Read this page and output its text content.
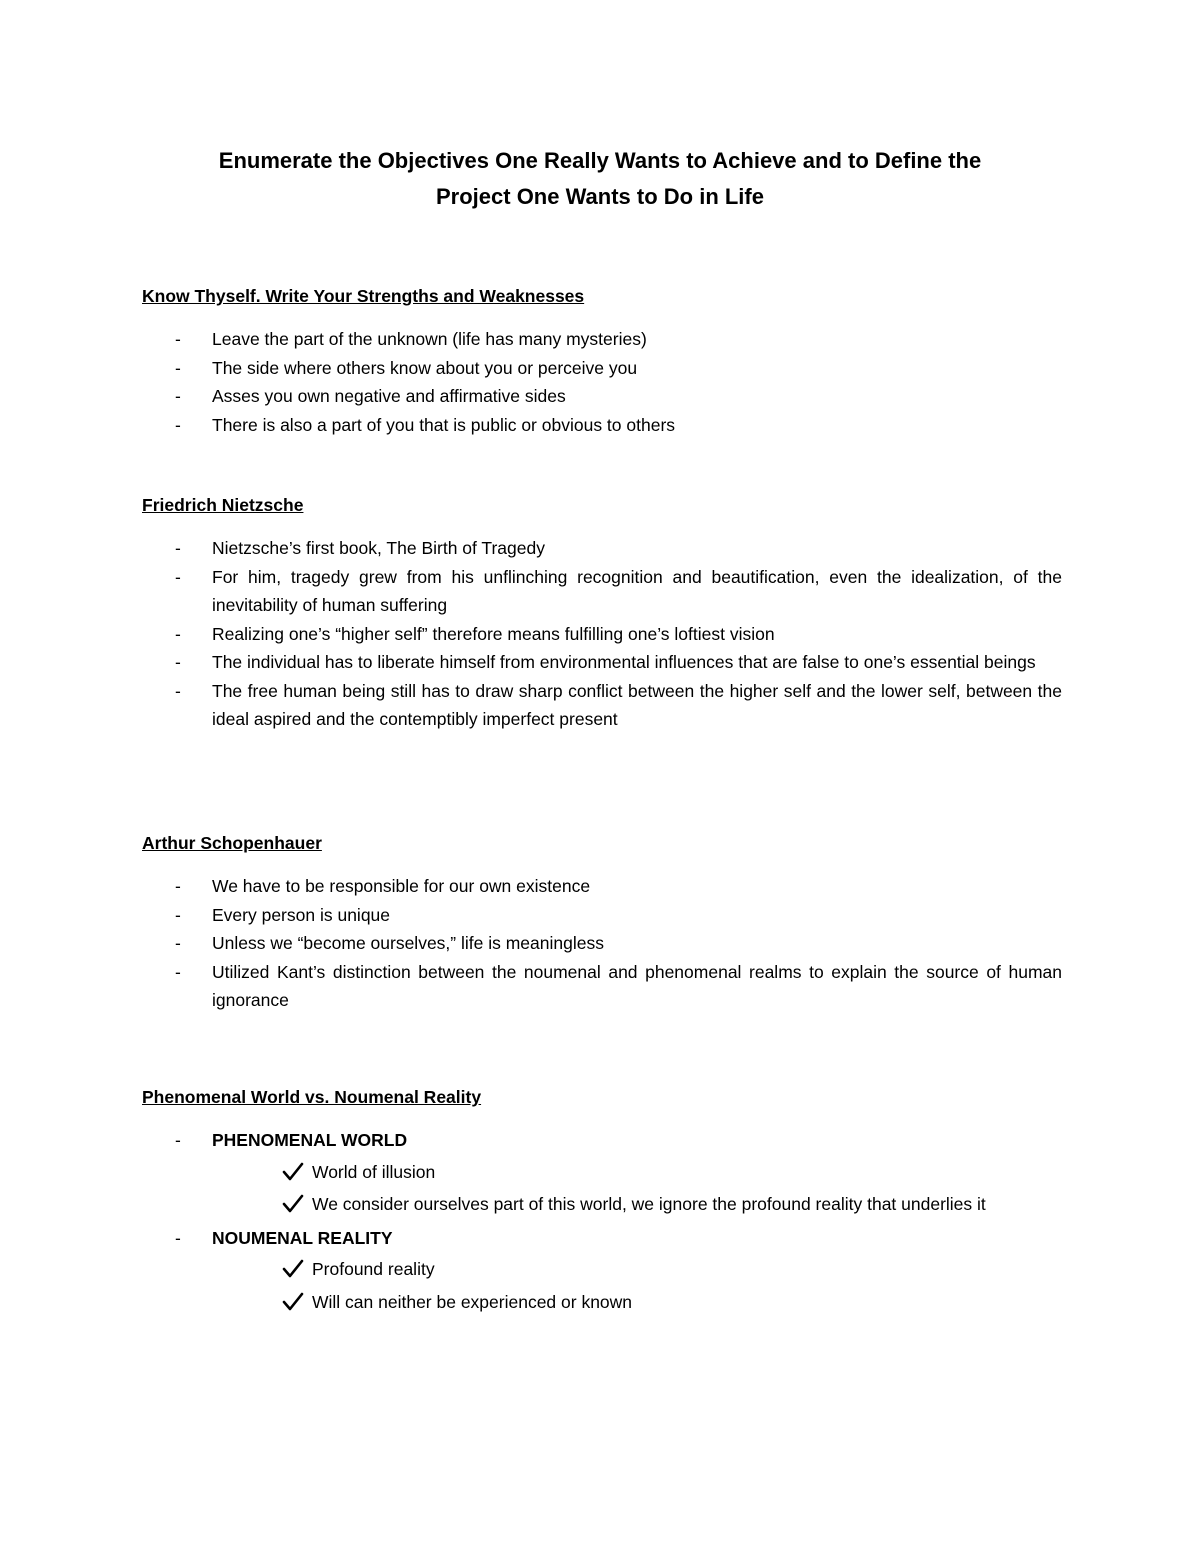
Enumerate the Objectives One Really Wants to Achieve and to Define the
Project One Wants to Do in Life
Know Thyself. Write Your Strengths and Weaknesses
- Leave the part of the unknown (life has many mysteries)
- The side where others know about you or perceive you
- Asses you own negative and affirmative sides
- There is also a part of you that is public or obvious to others
Friedrich Nietzsche
- Nietzsche’s first book, The Birth of Tragedy
- For him, tragedy grew from his unflinching recognition and beautification, even the idealization, of the inevitability of human suffering
- Realizing one’s “higher self” therefore means fulfilling one’s loftiest vision
- The individual has to liberate himself from environmental influences that are false to one’s essential beings
- The free human being still has to draw sharp conflict between the higher self and the lower self, between the ideal aspired and the contemptibly imperfect present
Arthur Schopenhauer
- We have to be responsible for our own existence
- Every person is unique
- Unless we “become ourselves,” life is meaningless
- Utilized Kant’s distinction between the noumenal and phenomenal realms to explain the source of human ignorance
Phenomenal World vs. Noumenal Reality
- PHENOMENAL WORLD
World of illusion
We consider ourselves part of this world, we ignore the profound reality that underlies it
- NOUMENAL REALITY
Profound reality
Will can neither be experienced or known
